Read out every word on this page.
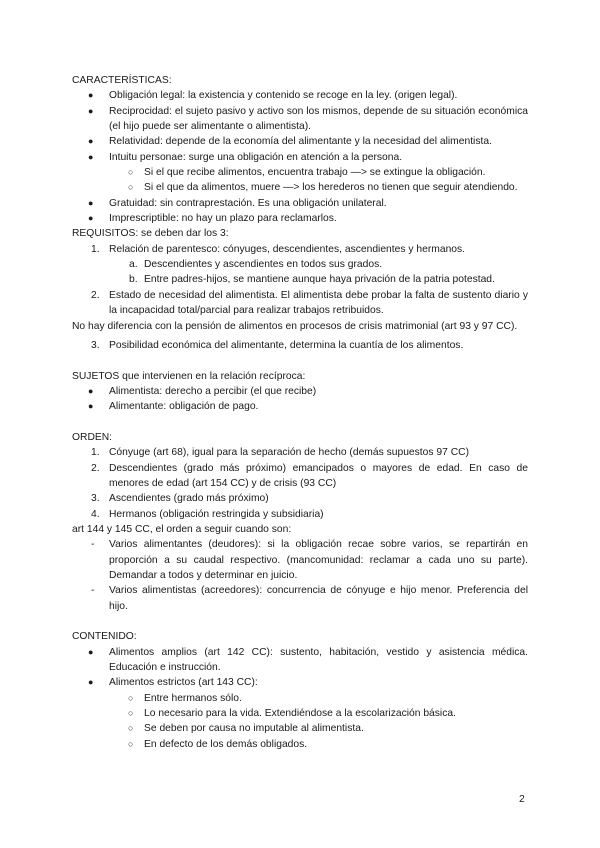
CARACTERÍSTICAS:
● Obligación legal: la existencia y contenido se recoge en la ley. (origen legal).
● Reciprocidad: el sujeto pasivo y activo son los mismos, depende de su situación económica (el hijo puede ser alimentante o alimentista).
● Relatividad: depende de la economía del alimentante y la necesidad del alimentista.
● Intuitu personae: surge una obligación en atención a la persona.
○ Si el que recibe alimentos, encuentra trabajo —> se extingue la obligación.
○ Si el que da alimentos, muere —> los herederos no tienen que seguir atendiendo.
● Gratuidad: sin contraprestación. Es una obligación unilateral.
● Imprescriptible: no hay un plazo para reclamarlos.
REQUISITOS: se deben dar los 3:
1. Relación de parentesco: cónyuges, descendientes, ascendientes y hermanos.
a. Descendientes y ascendientes en todos sus grados.
b. Entre padres-hijos, se mantiene aunque haya privación de la patria potestad.
2. Estado de necesidad del alimentista. El alimentista debe probar la falta de sustento diario y la incapacidad total/parcial para realizar trabajos retribuidos.
No hay diferencia con la pensión de alimentos en procesos de crisis matrimonial (art 93 y 97 CC).
3. Posibilidad económica del alimentante, determina la cuantía de los alimentos.
SUJETOS que intervienen en la relación recíproca:
● Alimentista: derecho a percibir (el que recibe)
● Alimentante: obligación de pago.
ORDEN:
1. Cónyuge (art 68), igual para la separación de hecho (demás supuestos 97 CC)
2. Descendientes (grado más próximo) emancipados o mayores de edad. En caso de menores de edad (art 154 CC) y de crisis (93 CC)
3. Ascendientes (grado más próximo)
4. Hermanos (obligación restringida y subsidiaria)
art 144 y 145 CC, el orden a seguir cuando son:
- Varios alimentantes (deudores): si la obligación recae sobre varios, se repartirán en proporción a su caudal respectivo. (mancomunidad: reclamar a cada uno su parte). Demandar a todos y determinar en juicio.
- Varios alimentistas (acreedores): concurrencia de cónyuge e hijo menor. Preferencia del hijo.
CONTENIDO:
● Alimentos amplios (art 142 CC): sustento, habitación, vestido y asistencia médica. Educación e instrucción.
● Alimentos estrictos (art 143 CC):
○ Entre hermanos sólo.
○ Lo necesario para la vida. Extendiéndose a la escolarización básica.
○ Se deben por causa no imputable al alimentista.
○ En defecto de los demás obligados.
2
